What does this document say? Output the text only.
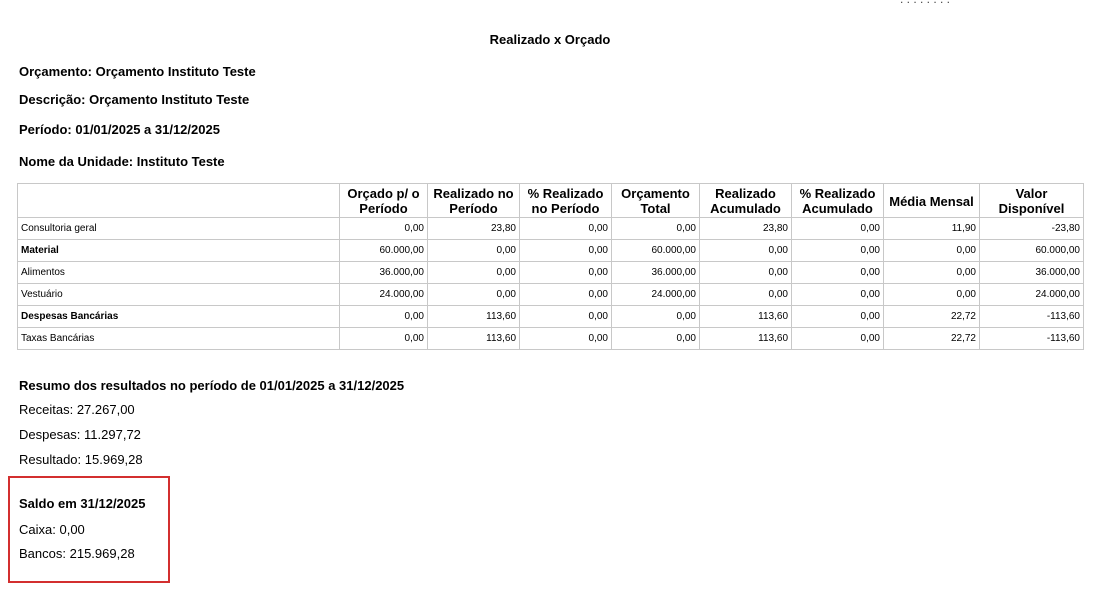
Realizado x Orçado
Orçamento: Orçamento Instituto Teste
Descrição: Orçamento Instituto Teste
Período: 01/01/2025 a 31/12/2025
Nome da Unidade: Instituto Teste
	Orçado p/ o Período	Realizado no Período	% Realizado no Período	Orçamento Total	Realizado Acumulado	% Realizado Acumulado	Média Mensal	Valor Disponível
Consultoria geral	0,00	23,80	0,00	0,00	23,80	0,00	11,90	-23,80
Material	60.000,00	0,00	0,00	60.000,00	0,00	0,00	0,00	60.000,00
Alimentos	36.000,00	0,00	0,00	36.000,00	0,00	0,00	0,00	36.000,00
Vestuário	24.000,00	0,00	0,00	24.000,00	0,00	0,00	0,00	24.000,00
Despesas Bancárias	0,00	113,60	0,00	0,00	113,60	0,00	22,72	-113,60
Taxas Bancárias	0,00	113,60	0,00	0,00	113,60	0,00	22,72	-113,60
Resumo dos resultados no período de 01/01/2025 a 31/12/2025
Receitas: 27.267,00
Despesas: 11.297,72
Resultado: 15.969,28
Saldo em 31/12/2025
Caixa: 0,00
Bancos: 215.969,28
